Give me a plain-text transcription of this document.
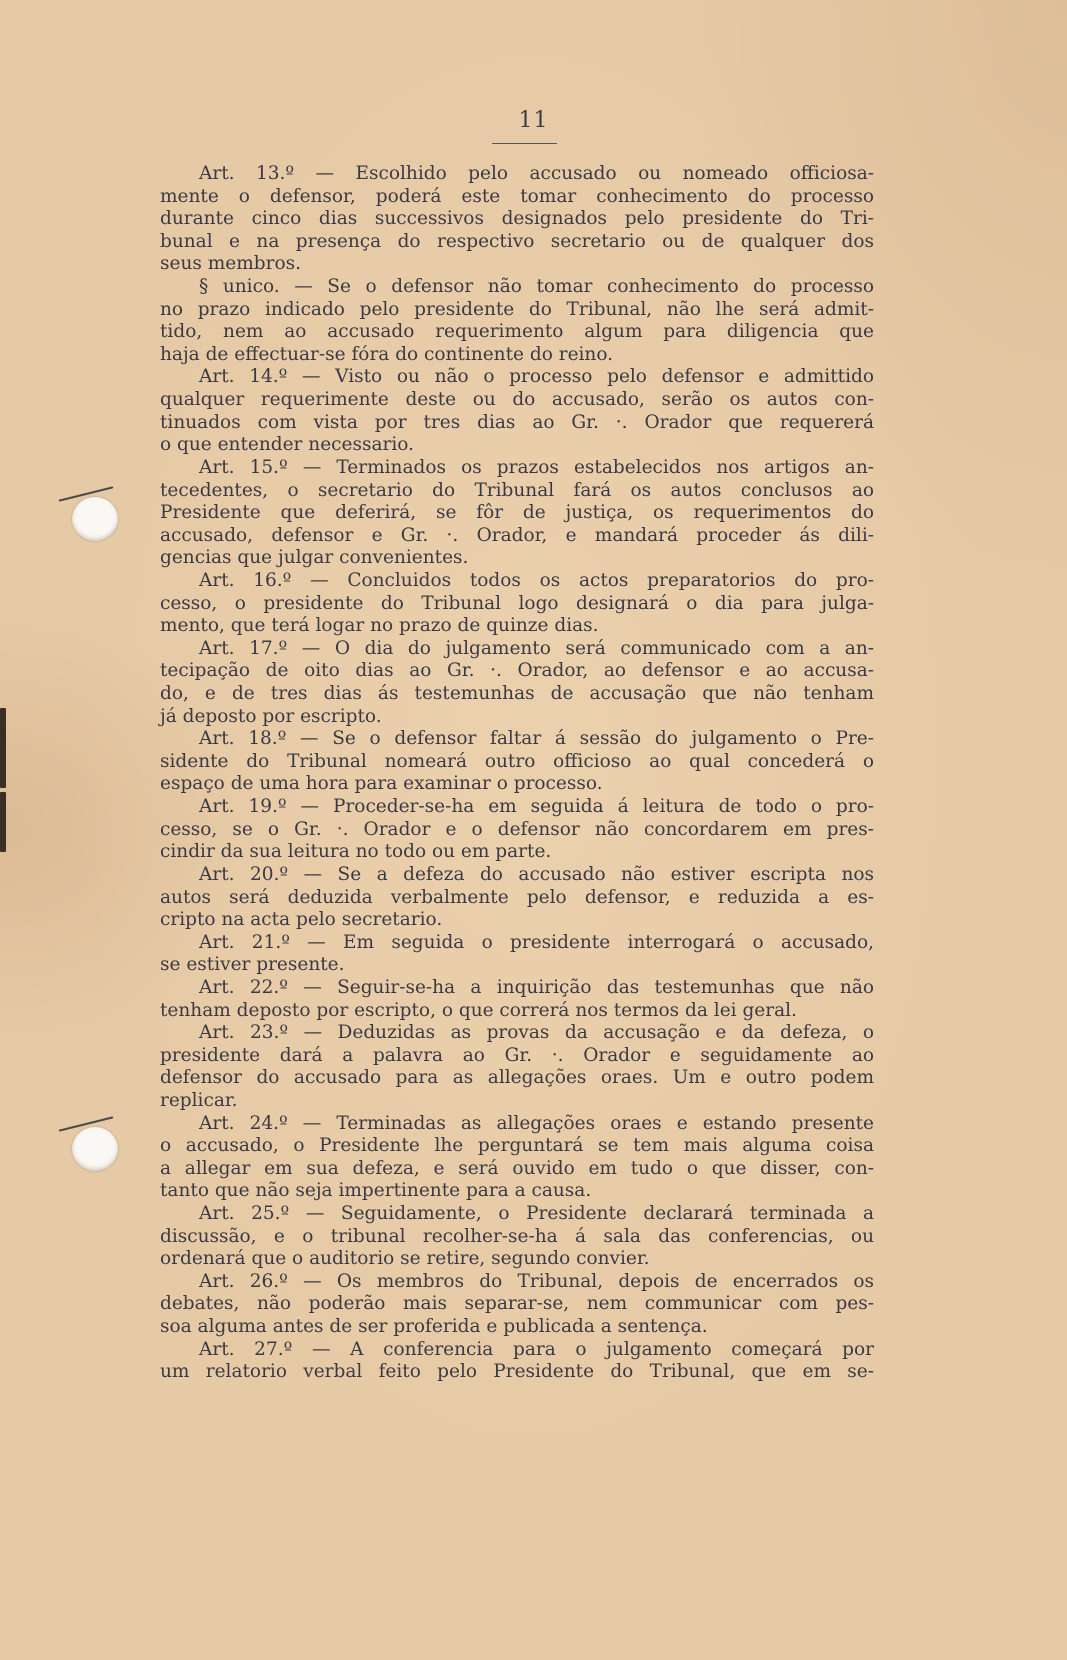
11
Art. 13.º — Escolhido pelo accusado ou nomeado officiosa-
mente o defensor, poderá este tomar conhecimento do processo
durante cinco dias successivos designados pelo presidente do Tri-
bunal e na presença do respectivo secretario ou de qualquer dos
seus membros.
§ unico. — Se o defensor não tomar conhecimento do processo
no prazo indicado pelo presidente do Tribunal, não lhe será admit-
tido, nem ao accusado requerimento algum para diligencia que
haja de effectuar-se fóra do continente do reino.
Art. 14.º — Visto ou não o processo pelo defensor e admittido
qualquer requerimente deste ou do accusado, serão os autos con-
tinuados com vista por tres dias ao Gr. ·. Orador que requererá
o que entender necessario.
Art. 15.º — Terminados os prazos estabelecidos nos artigos an-
tecedentes, o secretario do Tribunal fará os autos conclusos ao
Presidente que deferirá, se fôr de justiça, os requerimentos do
accusado, defensor e Gr. ·. Orador, e mandará proceder ás dili-
gencias que julgar convenientes.
Art. 16.º — Concluidos todos os actos preparatorios do pro-
cesso, o presidente do Tribunal logo designará o dia para julga-
mento, que terá logar no prazo de quinze dias.
Art. 17.º — O dia do julgamento será communicado com a an-
tecipação de oito dias ao Gr. ·. Orador, ao defensor e ao accusa-
do, e de tres dias ás testemunhas de accusação que não tenham
já deposto por escripto.
Art. 18.º — Se o defensor faltar á sessão do julgamento o Pre-
sidente do Tribunal nomeará outro officioso ao qual concederá o
espaço de uma hora para examinar o processo.
Art. 19.º — Proceder-se-ha em seguida á leitura de todo o pro-
cesso, se o Gr. ·. Orador e o defensor não concordarem em pres-
cindir da sua leitura no todo ou em parte.
Art. 20.º — Se a defeza do accusado não estiver escripta nos
autos será deduzida verbalmente pelo defensor, e reduzida a es-
cripto na acta pelo secretario.
Art. 21.º — Em seguida o presidente interrogará o accusado,
se estiver presente.
Art. 22.º — Seguir-se-ha a inquirição das testemunhas que não
tenham deposto por escripto, o que correrá nos termos da lei geral.
Art. 23.º — Deduzidas as provas da accusação e da defeza, o
presidente dará a palavra ao Gr. ·. Orador e seguidamente ao
defensor do accusado para as allegações oraes. Um e outro podem
replicar.
Art. 24.º — Terminadas as allegações oraes e estando presente
o accusado, o Presidente lhe perguntará se tem mais alguma coisa
a allegar em sua defeza, e será ouvido em tudo o que disser, con-
tanto que não seja impertinente para a causa.
Art. 25.º — Seguidamente, o Presidente declarará terminada a
discussão, e o tribunal recolher-se-ha á sala das conferencias, ou
ordenará que o auditorio se retire, segundo convier.
Art. 26.º — Os membros do Tribunal, depois de encerrados os
debates, não poderão mais separar-se, nem communicar com pes-
soa alguma antes de ser proferida e publicada a sentença.
Art. 27.º — A conferencia para o julgamento começará por
um relatorio verbal feito pelo Presidente do Tribunal, que em se-
